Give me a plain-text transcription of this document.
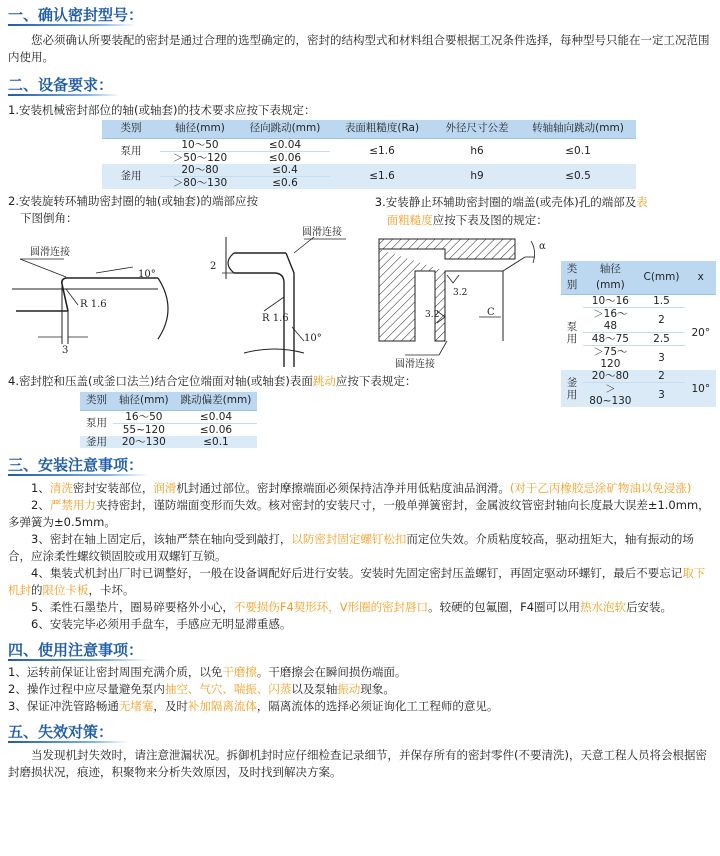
一、确认密封型号：

您必须确认所要装配的密封是通过合理的选型确定的，密封的结构型式和材料组合要根据工况条件选择，每种型号只能在一定工况范围内使用。

二、设备要求：

1.安装机械密封部位的轴(或轴套)的技术要求应按下表规定：

类别	轴径(mm)	径向跳动(mm)	表面粗糙度(Ra)	外径尺寸公差	转轴轴向跳动(mm)
泵用	10～50	≤0.04	≤1.6	h6	≤0.1
	＞50～120	≤0.06			
釜用	20～80	≤0.4	≤1.6	h9	≤0.5
	＞80～130	≤0.6			

2.安装旋转环辅助密封圈的轴(或轴套)的端部应按

下图倒角：

圆滑连接
10°
R 1.6
3
圆滑连接
2
R 1.6
10°

3.安装静止环辅助密封圈的端盖(或壳体)孔的端部及表

面粗糙度应按下表及图的规定：

α
3.2
3.2	C
圆滑连接
类别	轴径(mm)	C(mm)	x
泵用	10～16	1.5	20°
	＞16～48	2	
	48～75	2.5	
	＞75～120	3	
釜用	20～80	2	10°
	＞80~130	3	

4.密封腔和压盖(或釜口法兰)结合定位端面对轴(或轴套)表面跳动应按下表规定：

类别	轴径(mm)	跳动偏差(mm)
泵用	16～50	≤0.04
	55~120	≤0.06
釜用	20～130	≤0.1
三、安装注意事项：

1、清洗密封安装部位，润滑机封通过部位。密封摩擦端面必须保持洁净并用低粘度油品润滑。(对于乙丙橡胶忌涂矿物油以免浸涨)

2、严禁用力夹持密封，谨防端面变形而失效。核对密封的安装尺寸，一般单弹簧密封，金属波纹管密封轴向长度最大误差±1.0mm，多弹簧为±0.5mm。

3、密封在轴上固定后，该轴严禁在轴向受到敲打，以防密封固定螺钉松扣而定位失效。介质粘度较高，驱动扭矩大，轴有振动的场合，应涂柔性螺纹锁固胶或用双螺钉互锁。

4、集装式机封出厂时已调整好，一般在设备调配好后进行安装。安装时先固定密封压盖螺钉，再固定驱动环螺钉，最后不要忘记取下机封的限位卡板，卡坏。

5、柔性石墨垫片，圈易碎要格外小心，不要损伤F4契形环，V形圈的密封唇口。较硬的包氟圈，F4圈可以用热水泡软后安装。

6、安装完毕必须用手盘车，手感应无明显滞重感。

四、使用注意事项：

1、运转前保证让密封周围充满介质，以免干磨擦。干磨擦会在瞬间损伤端面。

2、操作过程中应尽量避免泵内抽空、气穴、喘振、闪蒸以及泵轴振动现象。

3、保证冲洗管路畅通无堵塞，及时补加隔离流体，隔离流体的选择必须证询化工工程师的意见。

五、失效对策：

当发现机封失效时，请注意泄漏状况。拆御机封时应仔细检查记录细节，并保存所有的密封零件(不要清洗)，天意工程人员将会根据密封磨损状况，痕迹，积聚物来分析失效原因，及时找到解决方案。
